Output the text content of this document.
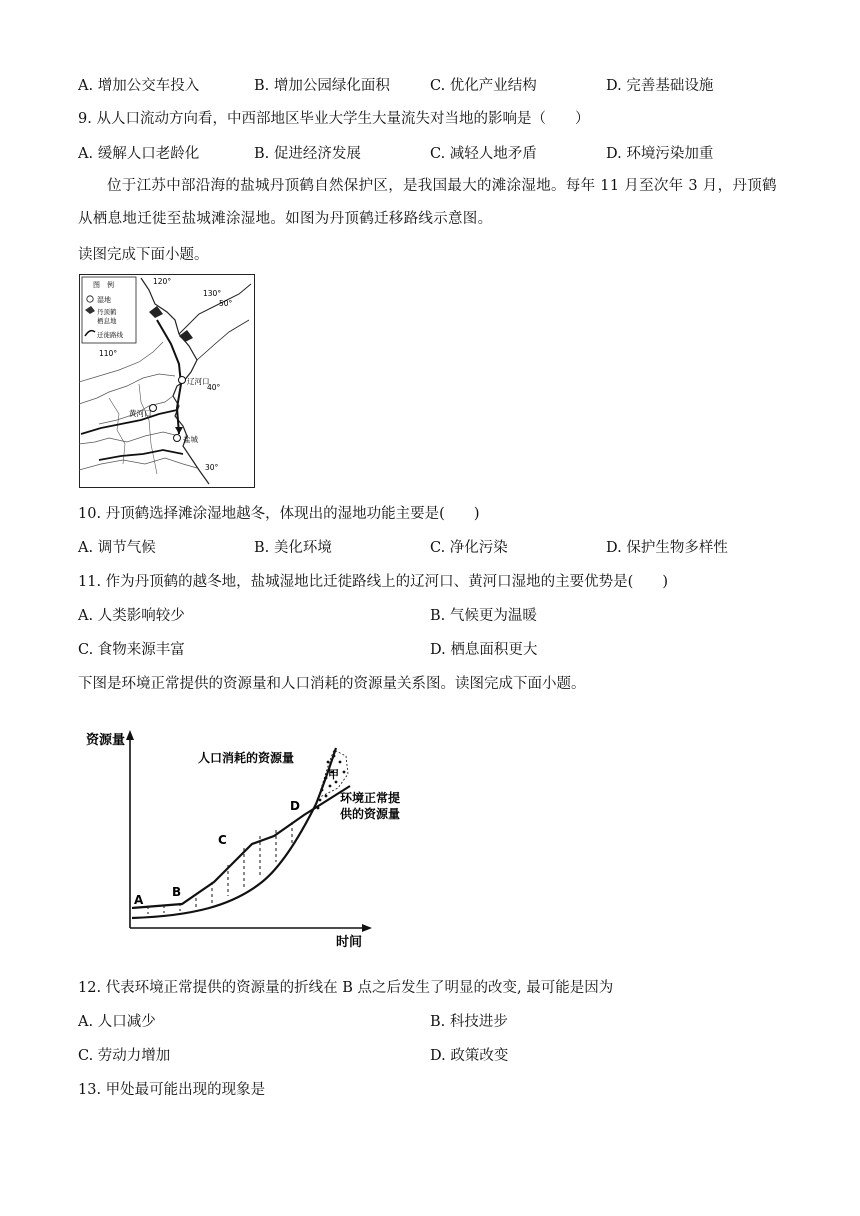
A. 增加公交车投入	B. 增加公园绿化面积	C. 优化产业结构	D. 完善基础设施
9. 从人口流动方向看，中西部地区毕业大学生大量流失对当地的影响是（　　）
A. 缓解人口老龄化	B. 促进经济发展	C. 减轻人地矛盾	D. 环境污染加重
位于江苏中部沿海的盐城丹顶鹤自然保护区，是我国最大的滩涂湿地。每年 11 月至次年 3 月，丹顶鹤从栖息地迁徙至盐城滩涂湿地。如图为丹顶鹤迁移路线示意图。
读图完成下面小题。
图　例
湿地
丹顶鹤
栖息地
迁徙路线
120°
130°
110°
50°
40°
30°
辽河口
黄河口
盐城
10. 丹顶鹤选择滩涂湿地越冬，体现出的湿地功能主要是(　　)
A. 调节气候	B. 美化环境	C. 净化污染	D. 保护生物多样性
11. 作为丹顶鹤的越冬地，盐城湿地比迁徙路线上的辽河口、黄河口湿地的主要优势是(　　)
A. 人类影响较少	B. 气候更为温暖
C. 食物来源丰富	D. 栖息面积更大
下图是环境正常提供的资源量和人口消耗的资源量关系图。读图完成下面小题。
资源量
时间
甲
人口消耗的资源量
环境正常提
供的资源量
A
B
C
D
12. 代表环境正常提供的资源量的折线在 B 点之后发生了明显的改变, 最可能是因为
A. 人口减少	B. 科技进步
C. 劳动力增加	D. 政策改变
13. 甲处最可能出现的现象是
